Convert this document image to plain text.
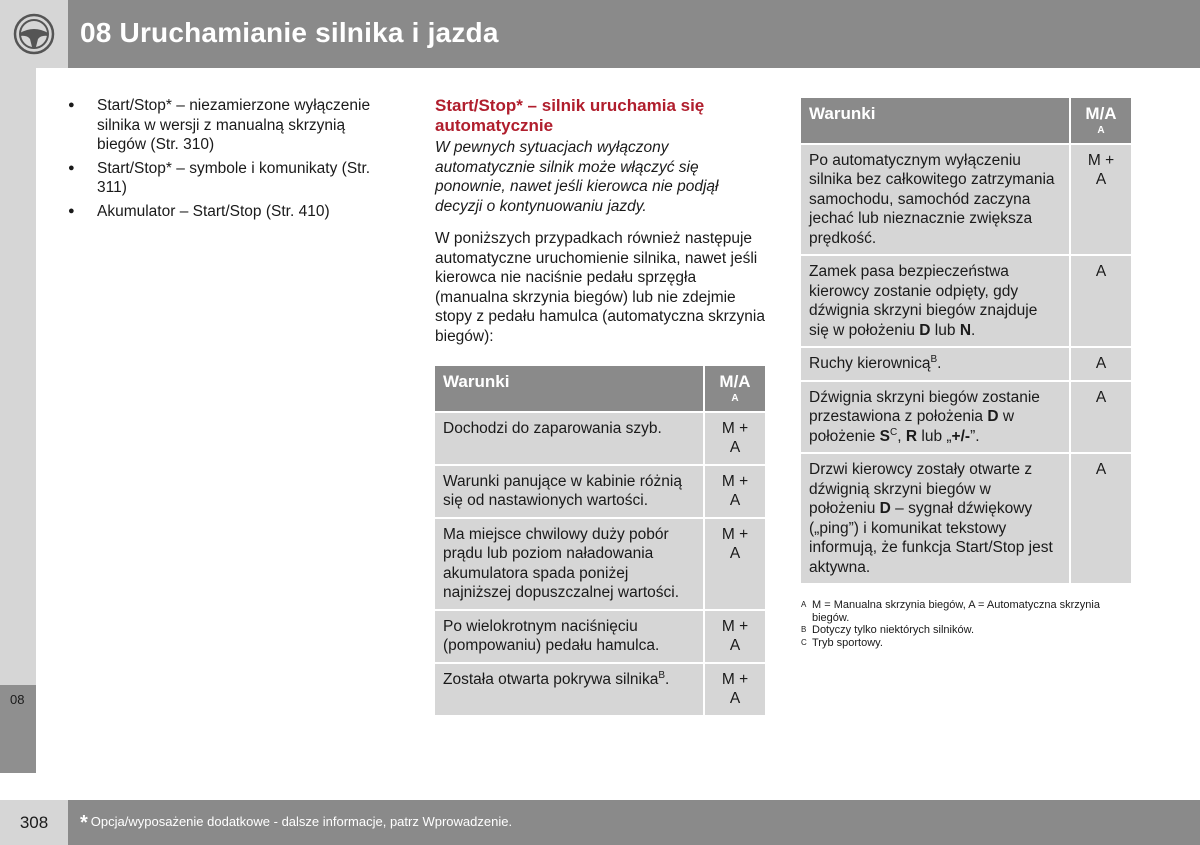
08 Uruchamianie silnika i jazda
08
● Start/Stop* – niezamierzone wyłączenie silnika w wersji z manualną skrzynią biegów (Str. 310)
● Start/Stop* – symbole i komunikaty (Str. 311)
● Akumulator – Start/Stop (Str. 410)
Start/Stop* – silnik uruchamia się automatycznie
W pewnych sytuacjach wyłączony automatycznie silnik może włączyć się ponownie, nawet jeśli kierowca nie podjął decyzji o kontynuowaniu jazdy.
W poniższych przypadkach również następuje automatyczne uruchomienie silnika, nawet jeśli kierowca nie naciśnie pedału sprzęgła (manualna skrzynia biegów) lub nie zdejmie stopy z pedału hamulca (automatyczna skrzynia biegów):
Warunki	M/A
A

Dochodzi do zaparowania szyb.	M +
A

Warunki panujące w kabinie różnią się od nastawionych wartości.	M +
A

Ma miejsce chwilowy duży pobór prądu lub poziom naładowania akumulatora spada poniżej najniższej dopuszczalnej wartości.	M +
A

Po wielokrotnym naciśnięciu (pompowaniu) pedału hamulca.	M +
A

Została otwarta pokrywa silnika$^B$.	M +
A
Warunki	M/A
A

Po automatycznym wyłączeniu silnika bez całkowitego zatrzymania samochodu, samochód zaczyna jechać lub nieznacznie zwiększa prędkość.	M +
A

Zamek pasa bezpieczeństwa kierowcy zostanie odpięty, gdy dźwignia skrzyni biegów znajduje się w położeniu D lub N.	A
Ruchy kierownicą$^B$.	A
Dźwignia skrzyni biegów zostanie przestawiona z położenia D w położenie $S^C$, R lub „+/-”.	A
Drzwi kierowcy zostały otwarte z dźwignią skrzyni biegów w położeniu D – sygnał dźwiękowy („ping”) i komunikat tekstowy informują, że funkcja Start/Stop jest aktywna.	A
A M = Manualna skrzynia biegów, A = Automatyczna skrzynia biegów.
B Dotyczy tylko niektórych silników.
C Tryb sportowy.
308	* Opcja/wyposażenie dodatkowe - dalsze informacje, patrz Wprowadzenie.
